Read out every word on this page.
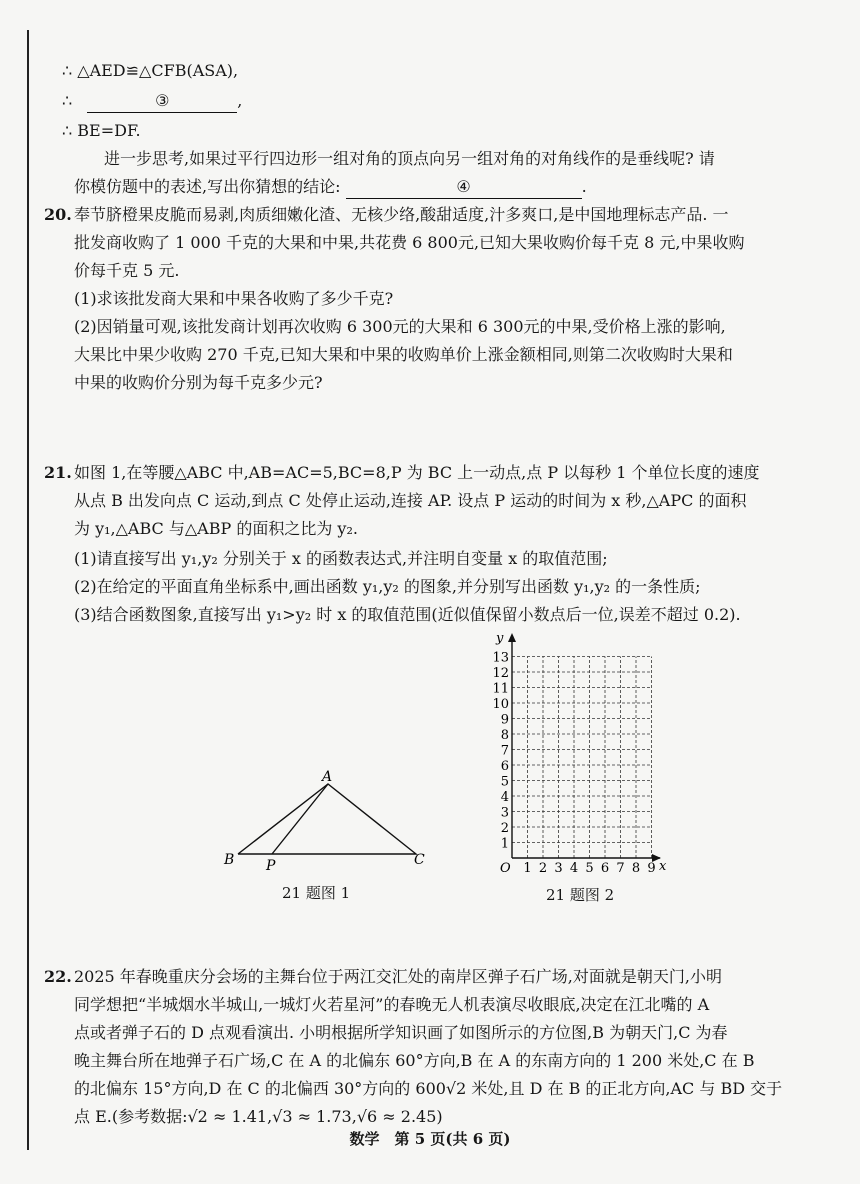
∴ △AED≌△CFB(ASA),
∴	③	,
∴ BE=DF.
进一步思考,如果过平行四边形一组对角的顶点向另一组对角的对角线作的是垂线呢? 请
你模仿题中的表述,写出你猜想的结论:	④	.
20. 奉节脐橙果皮脆而易剥,肉质细嫩化渣、无核少络,酸甜适度,汁多爽口,是中国地理标志产品. 一
批发商收购了 1 000 千克的大果和中果,共花费 6 800元,已知大果收购价每千克 8 元,中果收购
价每千克 5 元.
(1)求该批发商大果和中果各收购了多少千克?
(2)因销量可观,该批发商计划再次收购 6 300元的大果和 6 300元的中果,受价格上涨的影响,
大果比中果少收购 270 千克,已知大果和中果的收购单价上涨金额相同,则第二次收购时大果和
中果的收购价分别为每千克多少元?
21. 如图 1,在等腰△ABC 中,AB=AC=5,BC=8,P 为 BC 上一动点,点 P 以每秒 1 个单位长度的速度
从点 B 出发向点 C 运动,到点 C 处停止运动,连接 AP. 设点 P 运动的时间为 x 秒,△APC 的面积
为 y₁,△ABC 与△ABP 的面积之比为 y₂.
(1)请直接写出 y₁,y₂ 分别关于 x 的函数表达式,并注明自变量 x 的取值范围;
(2)在给定的平面直角坐标系中,画出函数 y₁,y₂ 的图象,并分别写出函数 y₁,y₂ 的一条性质;
(3)结合函数图象,直接写出 y₁>y₂ 时 x 的取值范围(近似值保留小数点后一位,误差不超过 0.2).
A
B P	C
21 题图 1
y
x
O
1
2
3
4
5
6
7
8
9
10
11
12
13
1 2 3 4 5 6 7 8 9
21 题图 2
22. 2025 年春晚重庆分会场的主舞台位于两江交汇处的南岸区弹子石广场,对面就是朝天门,小明
同学想把“半城烟水半城山,一城灯火若星河”的春晚无人机表演尽收眼底,决定在江北嘴的 A
点或者弹子石的 D 点观看演出. 小明根据所学知识画了如图所示的方位图,B 为朝天门,C 为春
晚主舞台所在地弹子石广场,C 在 A 的北偏东 60°方向,B 在 A 的东南方向的 1 200 米处,C 在 B
的北偏东 15°方向,D 在 C 的北偏西 30°方向的 600√2 米处,且 D 在 B 的正北方向,AC 与 BD 交于
点 E.(参考数据:√2 ≈ 1.41,√3 ≈ 1.73,√6 ≈ 2.45)
数学　第 5 页(共 6 页)
